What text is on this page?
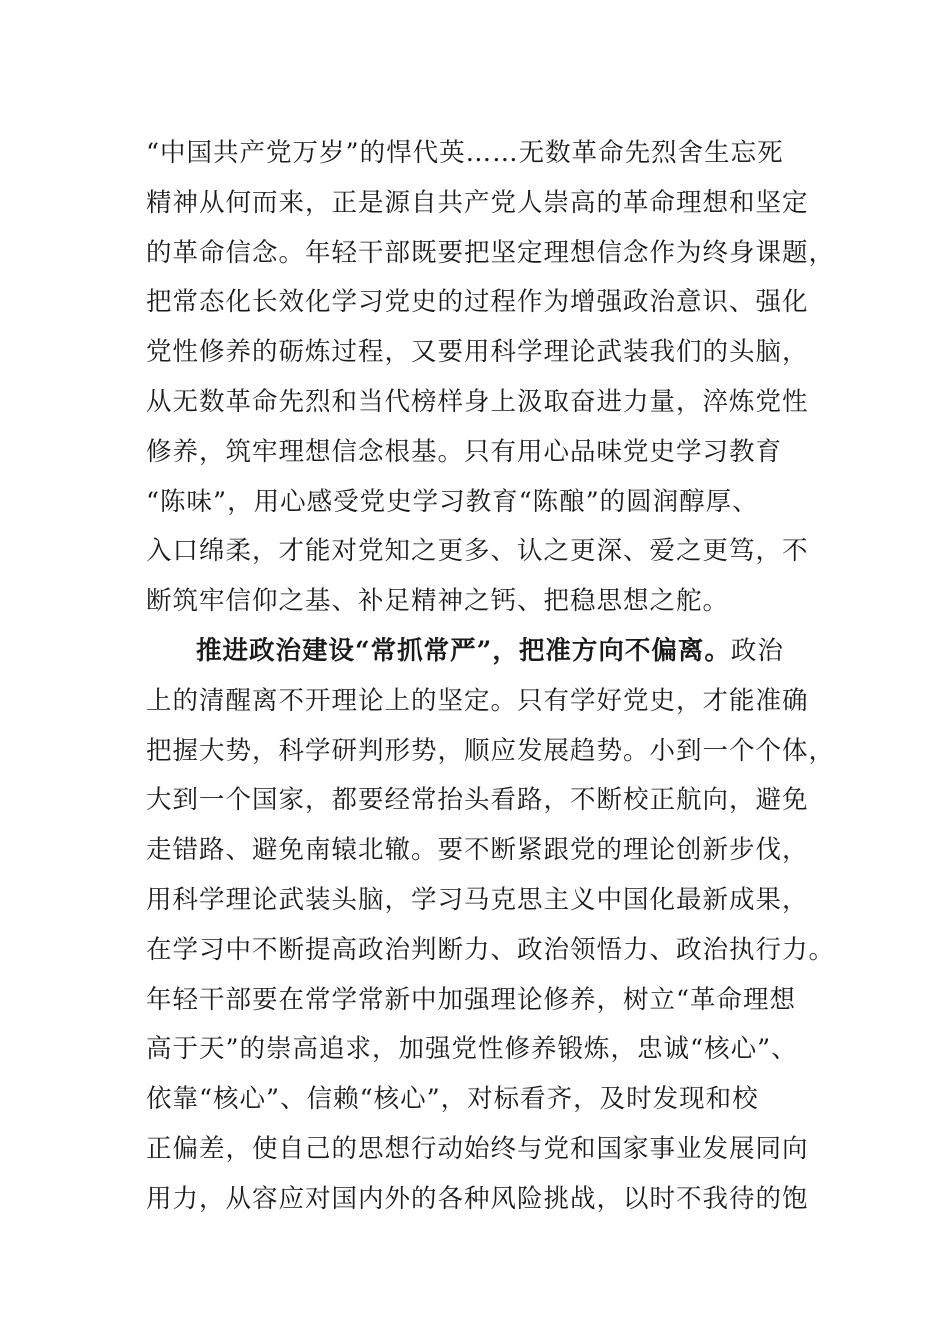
“中国共产党万岁”的悍代英……无数革命先烈舍生忘死
精神从何而来，正是源自共产党人崇高的革命理想和坚定
的革命信念。年轻干部既要把坚定理想信念作为终身课题，
把常态化长效化学习党史的过程作为增强政治意识、强化
党性修养的砺炼过程，又要用科学理论武装我们的头脑，
从无数革命先烈和当代榜样身上汲取奋进力量，淬炼党性
修养，筑牢理想信念根基。只有用心品味党史学习教育
“陈味”，用心感受党史学习教育“陈酿”的圆润醇厚、
入口绵柔，才能对党知之更多、认之更深、爱之更笃，不
断筑牢信仰之基、补足精神之钙、把稳思想之舵。
推进政治建设“常抓常严”，把准方向不偏离。政治
上的清醒离不开理论上的坚定。只有学好党史，才能准确
把握大势，科学研判形势，顺应发展趋势。小到一个个体，
大到一个国家，都要经常抬头看路，不断校正航向，避免
走错路、避免南辕北辙。要不断紧跟党的理论创新步伐，
用科学理论武装头脑，学习马克思主义中国化最新成果，
在学习中不断提高政治判断力、政治领悟力、政治执行力。
年轻干部要在常学常新中加强理论修养，树立“革命理想
高于天”的崇高追求，加强党性修养锻炼，忠诚“核心”、
依靠“核心”、信赖“核心”，对标看齐，及时发现和校
正偏差，使自己的思想行动始终与党和国家事业发展同向
用力，从容应对国内外的各种风险挑战，以时不我待的饱
